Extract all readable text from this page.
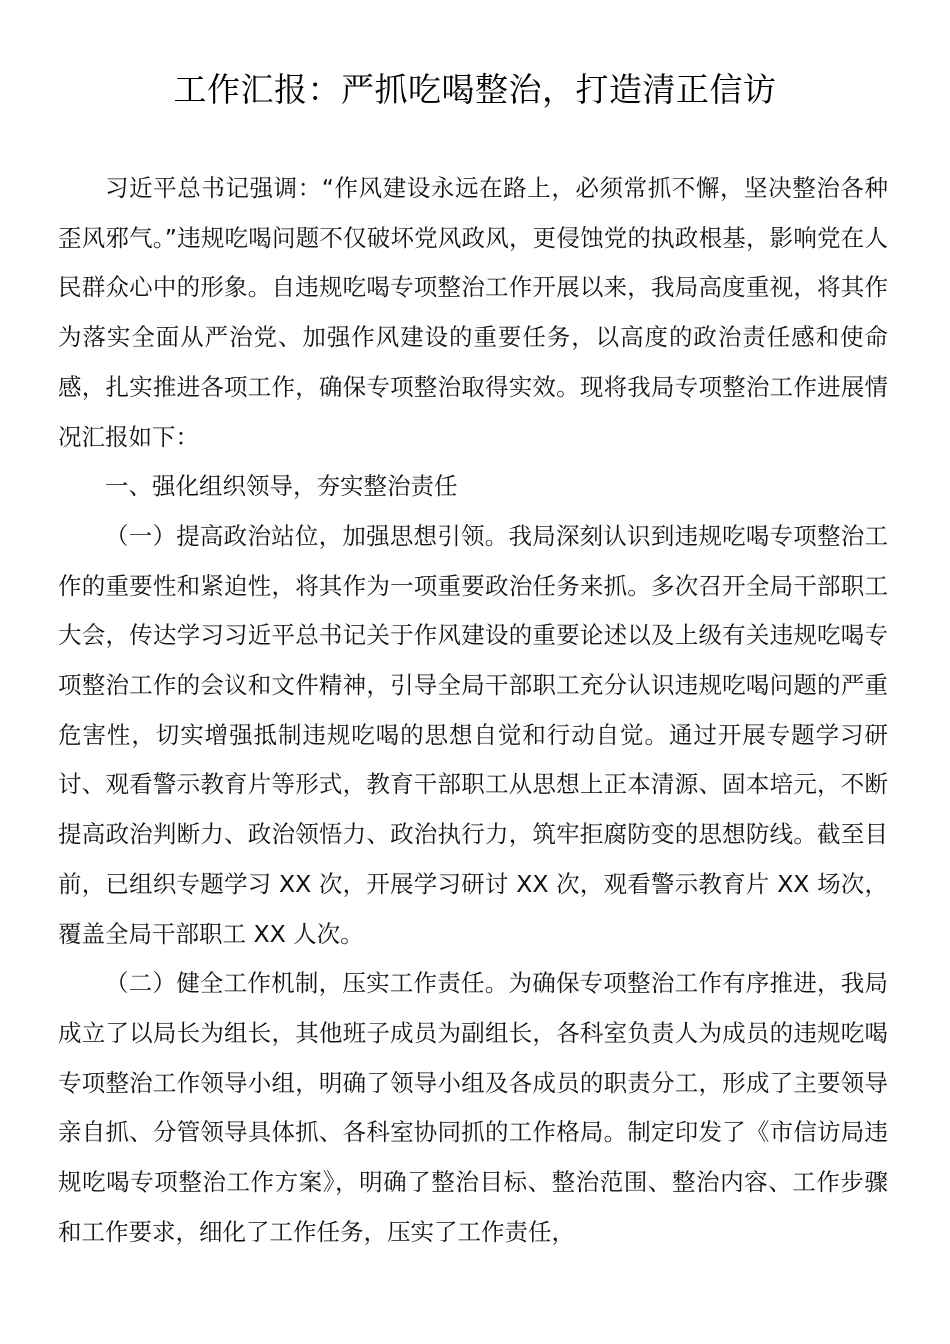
工作汇报：严抓吃喝整治，打造清正信访

习近平总书记强调：“作风建设永远在路上，必须常抓不懈，坚决整治各种歪风邪气。”违规吃喝问题不仅破坏党风政风，更侵蚀党的执政根基，影响党在人民群众心中的形象。自违规吃喝专项整治工作开展以来，我局高度重视，将其作为落实全面从严治党、加强作风建设的重要任务，以高度的政治责任感和使命感，扎实推进各项工作，确保专项整治取得实效。现将我局专项整治工作进展情况汇报如下：

一、强化组织领导，夯实整治责任

（一）提高政治站位，加强思想引领。我局深刻认识到违规吃喝专项整治工作的重要性和紧迫性，将其作为一项重要政治任务来抓。多次召开全局干部职工大会，传达学习习近平总书记关于作风建设的重要论述以及上级有关违规吃喝专项整治工作的会议和文件精神，引导全局干部职工充分认识违规吃喝问题的严重危害性，切实增强抵制违规吃喝的思想自觉和行动自觉。通过开展专题学习研讨、观看警示教育片等形式，教育干部职工从思想上正本清源、固本培元，不断提高政治判断力、政治领悟力、政治执行力，筑牢拒腐防变的思想防线。截至目前，已组织专题学习 XX 次，开展学习研讨 XX 次，观看警示教育片 XX 场次，覆盖全局干部职工 XX 人次。

（二）健全工作机制，压实工作责任。为确保专项整治工作有序推进，我局成立了以局长为组长，其他班子成员为副组长，各科室负责人为成员的违规吃喝专项整治工作领导小组，明确了领导小组及各成员的职责分工，形成了主要领导亲自抓、分管领导具体抓、各科室协同抓的工作格局。制定印发了《市信访局违规吃喝专项整治工作方案》，明确了整治目标、整治范围、整治内容、工作步骤和工作要求，细化了工作任务，压实了工作责任，
